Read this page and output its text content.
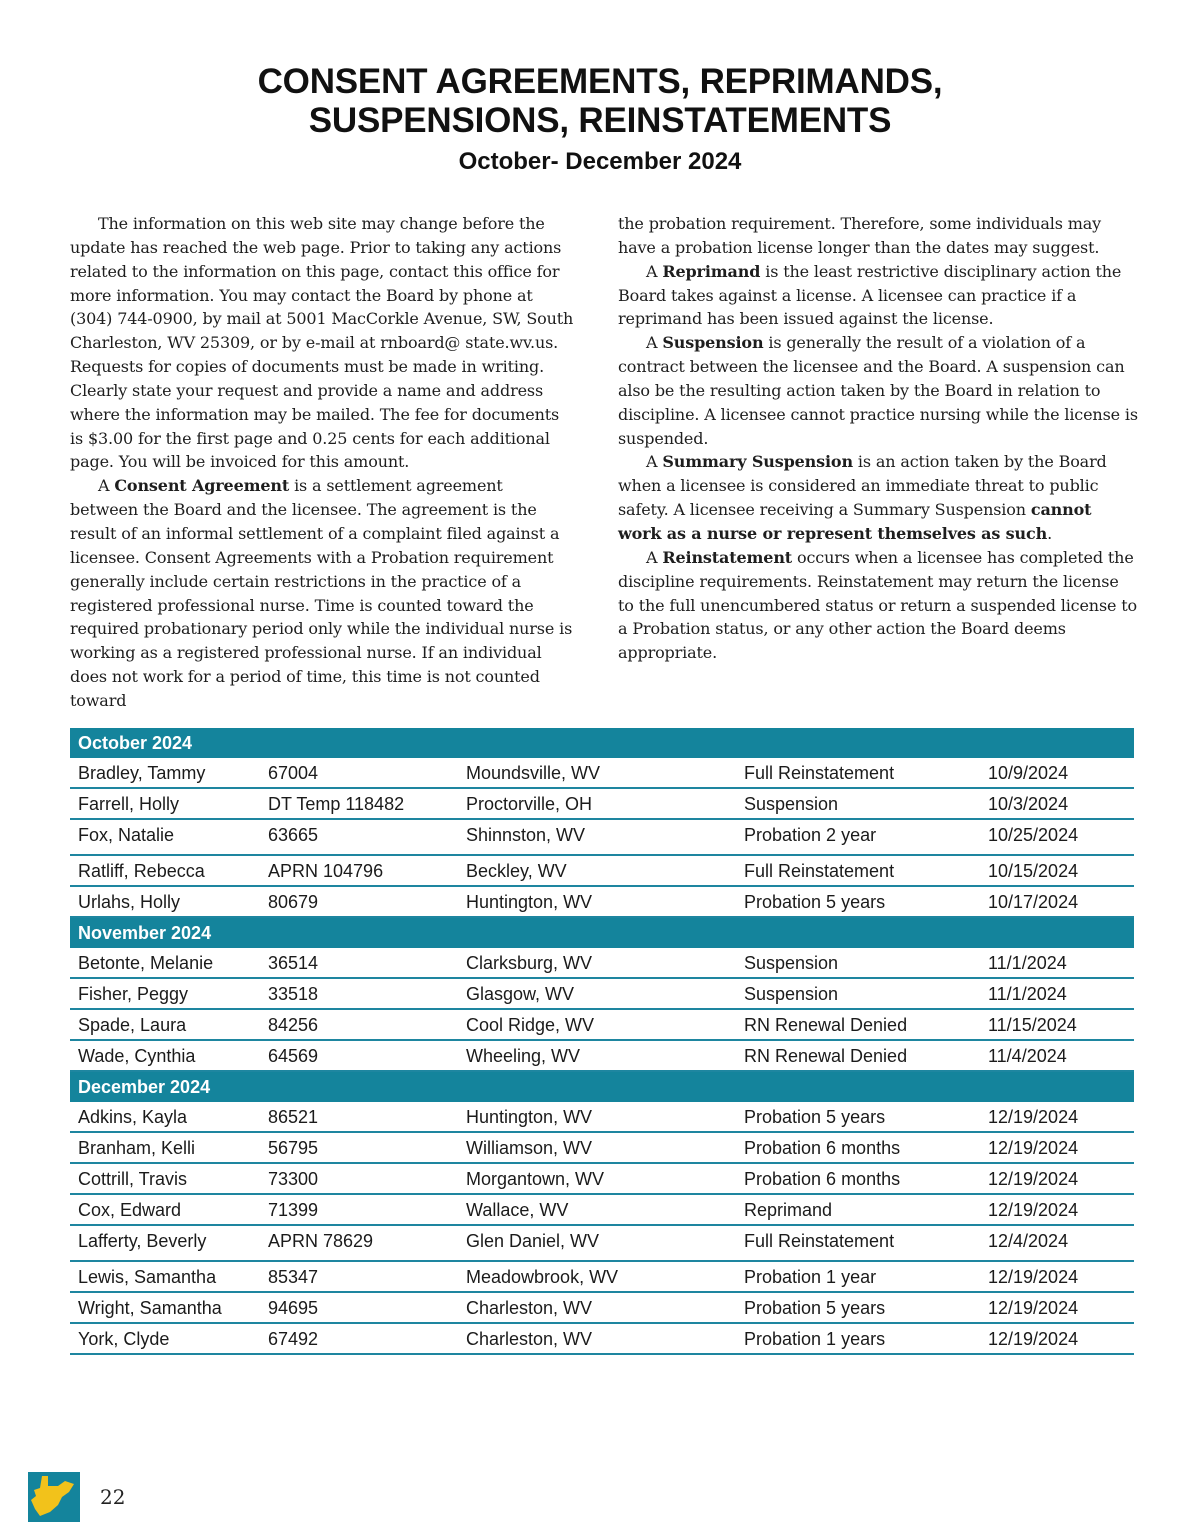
CONSENT AGREEMENTS, REPRIMANDS,
SUSPENSIONS, REINSTATEMENTS
October- December 2024

The information on this web site may change before the update has reached the web page. Prior to taking any actions related to the information on this page, contact this office for more information. You may contact the Board by phone at (304) 744-0900, by mail at 5001 MacCorkle Avenue, SW, South Charleston, WV 25309, or by e-mail at rnboard@ state.wv.us. Requests for copies of documents must be made in writing. Clearly state your request and provide a name and address where the information may be mailed. The fee for documents is $3.00 for the first page and 0.25 cents for each additional page. You will be invoiced for this amount.

A Consent Agreement is a settlement agreement between the Board and the licensee. The agreement is the result of an informal settlement of a complaint filed against a licensee. Consent Agreements with a Probation requirement generally include certain restrictions in the practice of a registered professional nurse. Time is counted toward the required probationary period only while the individual nurse is working as a registered professional nurse. If an individual does not work for a period of time, this time is not counted toward

the probation requirement. Therefore, some individuals may have a probation license longer than the dates may suggest.

A Reprimand is the least restrictive disciplinary action the Board takes against a license. A licensee can practice if a reprimand has been issued against the license.

A Suspension is generally the result of a violation of a contract between the licensee and the Board. A suspension can also be the resulting action taken by the Board in relation to discipline. A licensee cannot practice nursing while the license is suspended.

A Summary Suspension is an action taken by the Board when a licensee is considered an immediate threat to public safety. A licensee receiving a Summary Suspension cannot work as a nurse or represent themselves as such.

A Reinstatement occurs when a licensee has completed the discipline requirements. Reinstatement may return the license to the full unencumbered status or return a suspended license to a Probation status, or any other action the Board deems appropriate.

October 2024
Bradley, Tammy	67004	Moundsville, WV	Full Reinstatement	10/9/2024
Farrell, Holly	DT Temp 118482	Proctorville, OH	Suspension	10/3/2024
Fox, Natalie	63665	Shinnston, WV	Probation 2 year	10/25/2024
Ratliff, Rebecca	APRN 104796	Beckley, WV	Full Reinstatement	10/15/2024
Urlahs, Holly	80679	Huntington, WV	Probation 5 years	10/17/2024
November 2024
Betonte, Melanie	36514	Clarksburg, WV	Suspension	11/1/2024
Fisher, Peggy	33518	Glasgow, WV	Suspension	11/1/2024
Spade, Laura	84256	Cool Ridge, WV	RN Renewal Denied	11/15/2024
Wade, Cynthia	64569	Wheeling, WV	RN Renewal Denied	11/4/2024
December 2024
Adkins, Kayla	86521	Huntington, WV	Probation 5 years	12/19/2024
Branham, Kelli	56795	Williamson, WV	Probation 6 months	12/19/2024
Cottrill, Travis	73300	Morgantown, WV	Probation 6 months	12/19/2024
Cox, Edward	71399	Wallace, WV	Reprimand	12/19/2024
Lafferty, Beverly	APRN 78629	Glen Daniel, WV	Full Reinstatement	12/4/2024
Lewis, Samantha	85347	Meadowbrook, WV	Probation 1 year	12/19/2024
Wright, Samantha	94695	Charleston, WV	Probation 5 years	12/19/2024
York, Clyde	67492	Charleston, WV	Probation 1 years	12/19/2024
22
